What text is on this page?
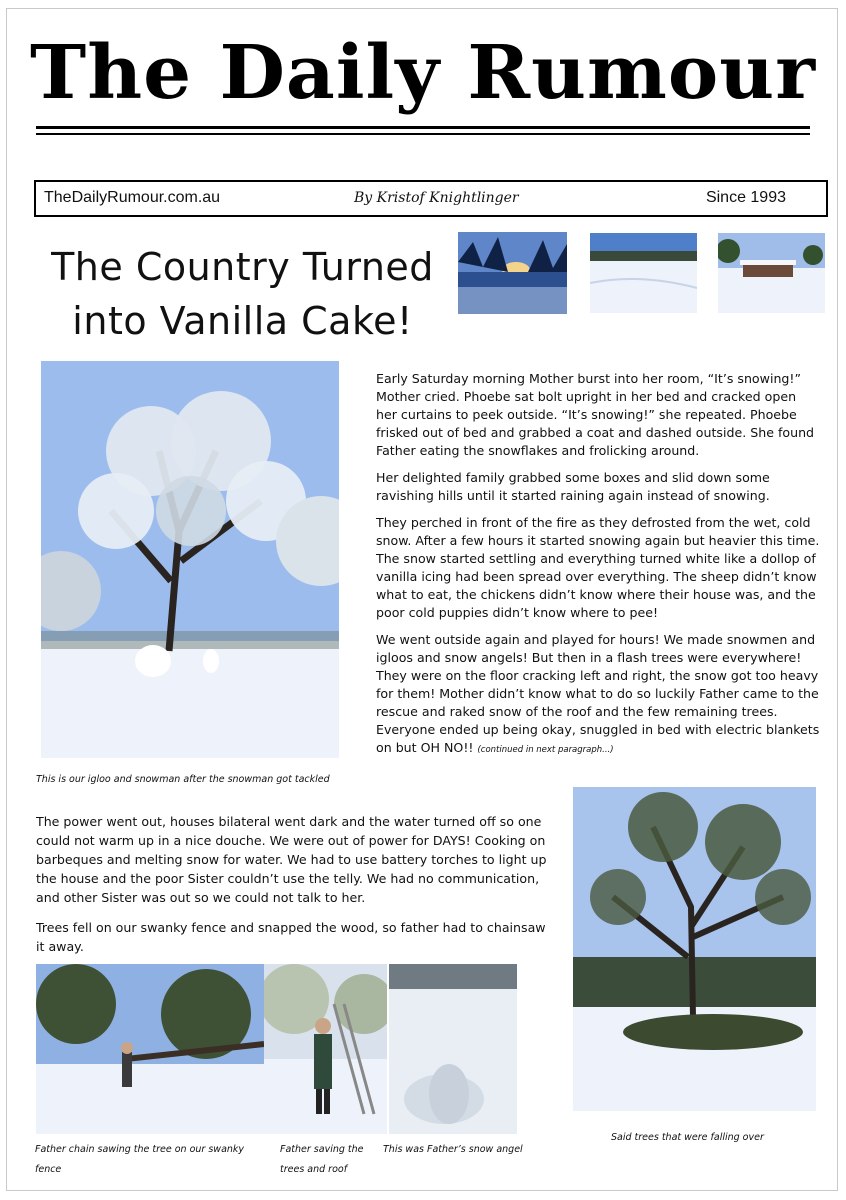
The Daily Rumour
TheDailyRumour.com.au	By Kristof Knightlinger	Since 1993
The Country Turned into Vanilla Cake!

Early Saturday morning Mother burst into her room, “It’s snowing!” Mother cried. Phoebe sat bolt upright in her bed and cracked open her curtains to peek outside. “It’s snowing!” she repeated. Phoebe frisked out of bed and grabbed a coat and dashed outside. She found Father eating the snowflakes and frolicking around.

Her delighted family grabbed some boxes and slid down some ravishing hills until it started raining again instead of snowing.

They perched in front of the fire as they defrosted from the wet, cold snow. After a few hours it started snowing again but heavier this time. The snow started settling and everything turned white like a dollop of vanilla icing had been spread over everything. The sheep didn’t know what to eat, the chickens didn’t know where their house was, and the poor cold puppies didn’t know where to pee!

We went outside again and played for hours! We made snowmen and igloos and snow angels! But then in a flash trees were everywhere! They were on the floor cracking left and right, the snow got too heavy for them! Mother didn’t know what to do so luckily Father came to the rescue and raked snow of the roof and the few remaining trees. Everyone ended up being okay, snuggled in bed with electric blankets on but OH NO!! (continued in next paragraph...)

This is our igloo and snowman after the snowman got tackled

The power went out, houses bilateral went dark and the water turned off so one could not warm up in a nice douche. We were out of power for DAYS! Cooking on barbeques and melting snow for water. We had to use battery torches to light up the house and the poor Sister couldn’t use the telly. We had no communication, and other Sister was out so we could not talk to her.

Trees fell on our swanky fence and snapped the wood, so father had to chainsaw it away.

Said trees that were falling over
Father chain sawing the tree on our swanky fence
Father saving the trees and roof
This was Father’s snow angel
